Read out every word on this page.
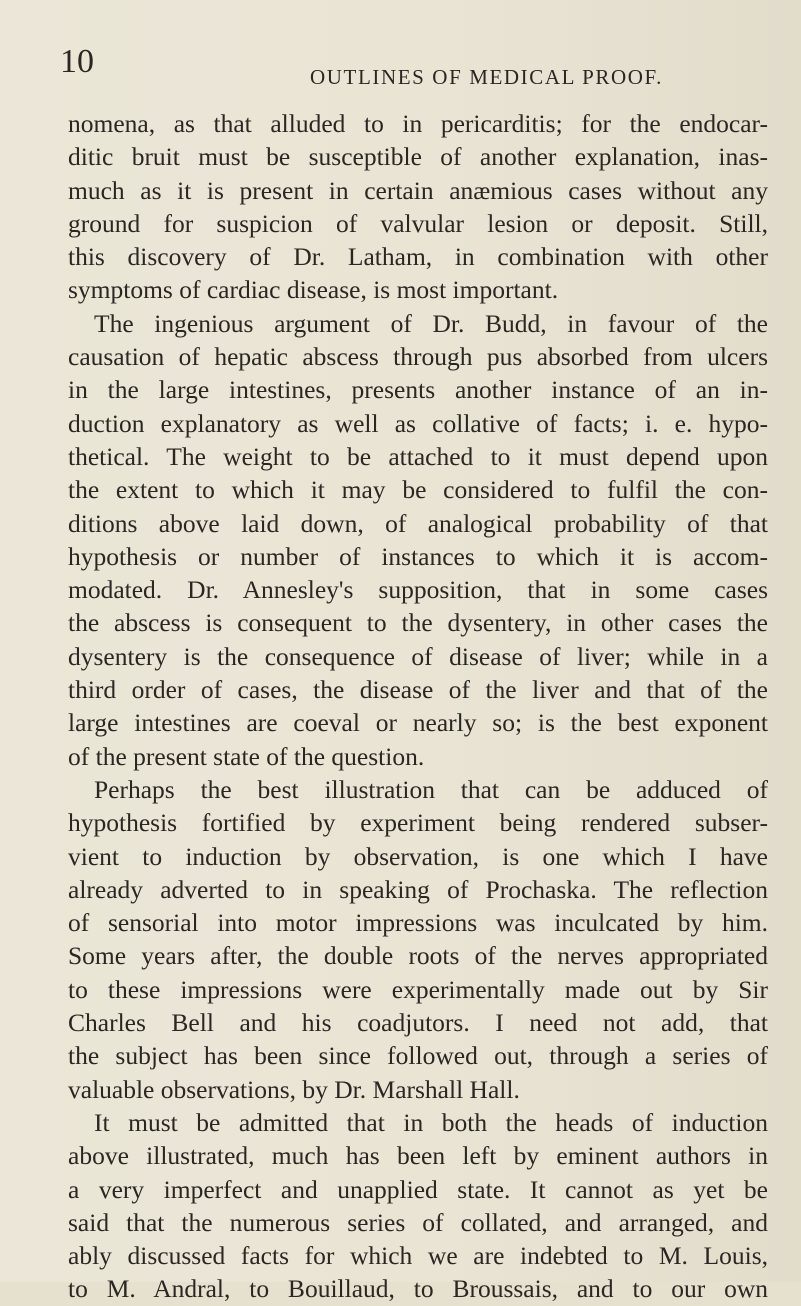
10	OUTLINES OF MEDICAL PROOF.
nomena, as that alluded to in pericarditis; for the endocar-
ditic bruit must be susceptible of another explanation, inas-
much as it is present in certain anæmious cases without any
ground for suspicion of valvular lesion or deposit. Still,
this discovery of Dr. Latham, in combination with other
symptoms of cardiac disease, is most important.
The ingenious argument of Dr. Budd, in favour of the
causation of hepatic abscess through pus absorbed from ulcers
in the large intestines, presents another instance of an in-
duction explanatory as well as collative of facts; i. e. hypo-
thetical. The weight to be attached to it must depend upon
the extent to which it may be considered to fulfil the con-
ditions above laid down, of analogical probability of that
hypothesis or number of instances to which it is accom-
modated. Dr. Annesley's supposition, that in some cases
the abscess is consequent to the dysentery, in other cases the
dysentery is the consequence of disease of liver; while in a
third order of cases, the disease of the liver and that of the
large intestines are coeval or nearly so; is the best exponent
of the present state of the question.
Perhaps the best illustration that can be adduced of
hypothesis fortified by experiment being rendered subser-
vient to induction by observation, is one which I have
already adverted to in speaking of Prochaska. The reflection
of sensorial into motor impressions was inculcated by him.
Some years after, the double roots of the nerves appropriated
to these impressions were experimentally made out by Sir
Charles Bell and his coadjutors. I need not add, that
the subject has been since followed out, through a series of
valuable observations, by Dr. Marshall Hall.
It must be admitted that in both the heads of induction
above illustrated, much has been left by eminent authors in
a very imperfect and unapplied state. It cannot as yet be
said that the numerous series of collated, and arranged, and
ably discussed facts for which we are indebted to M. Louis,
to M. Andral, to Bouillaud, to Broussais, and to our own
